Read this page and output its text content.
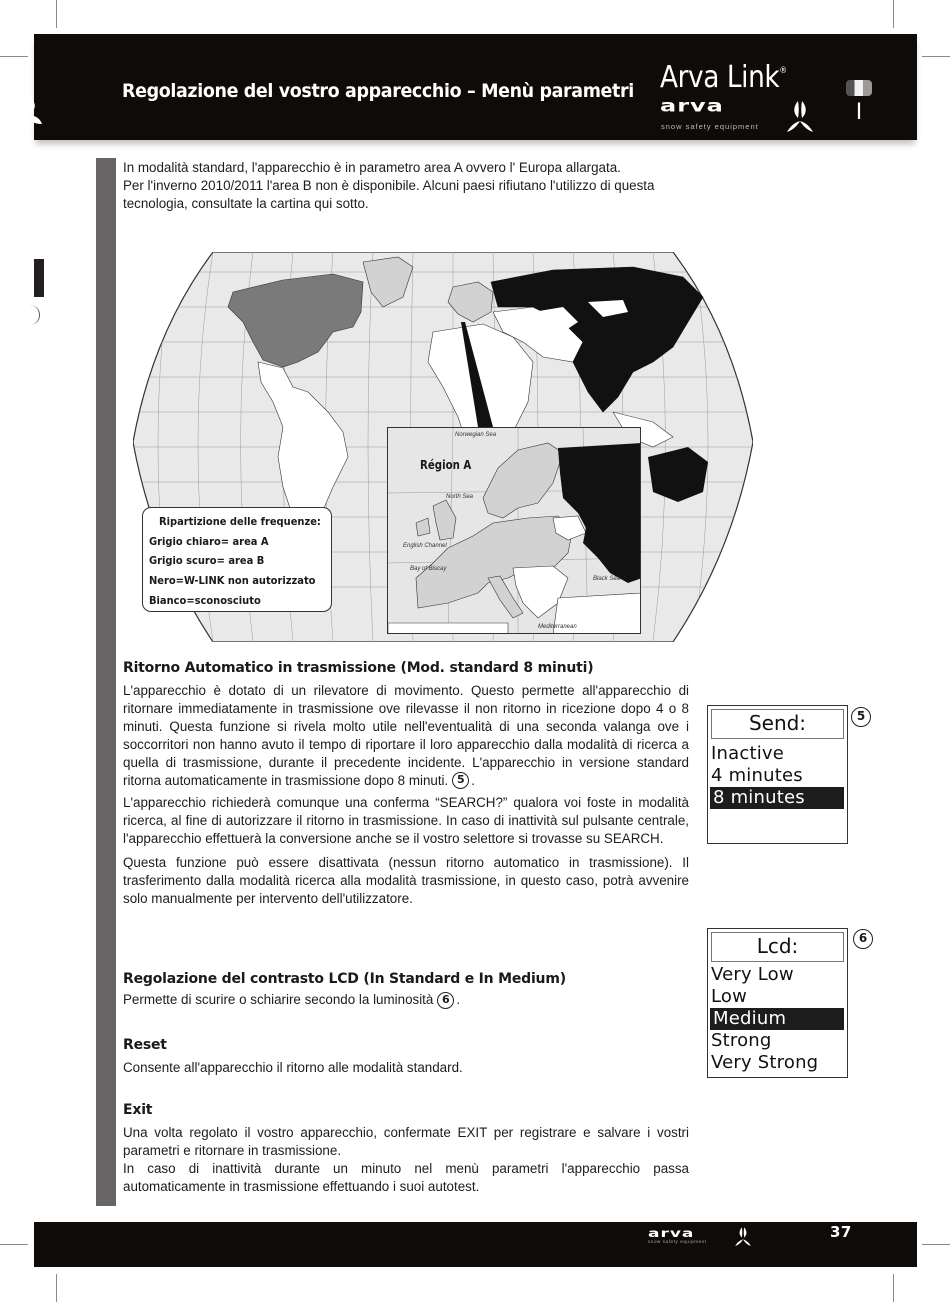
Regolazione del vostro apparecchio – Menù parametri Arva Link®
arva
snow safety equipment
I
In modalità standard, l'apparecchio è in parametro area A ovvero l' Europa allargata.
Per l'inverno 2010/2011 l'area B non è disponibile. Alcuni paesi rifiutano l'utilizzo di questa
tecnologia, consultate la cartina qui sotto.
Région A
Norwegian Sea
North Sea
English Channel
Bay of Biscay
Black Sea
Mediterranean
Ripartizione delle frequenze:
Grigio chiaro= area A
Grigio scuro= area B
Nero=W-LINK non autorizzato
Bianco=sconosciuto
Ritorno Automatico in trasmissione (Mod. standard 8 minuti)
L'apparecchio è dotato di un rilevatore di movimento. Questo permette all'apparecchio di ritornare immediatamente in trasmissione ove rilevasse il non ritorno in ricezione dopo 4 o 8 minuti. Questa funzione si rivela molto utile nell'eventualità di una seconda valanga ove i soccorritori non hanno avuto il tempo di riportare il loro apparecchio dalla modalità di ricerca a quella di trasmissione, durante il precedente incidente. L'apparecchio in versione standard ritorna automaticamente in trasmissione dopo 8 minuti. 5 .
L'apparecchio richiederà comunque una conferma “SEARCH?” qualora voi foste in modalità ricerca, al fine di autorizzare il ritorno in trasmissione. In caso di inattività sul pulsante centrale, l'apparecchio effettuerà la conversione anche se il vostro selettore si trovasse su SEARCH.
Questa funzione può essere disattivata (nessun ritorno automatico in trasmissione). Il trasferimento dalla modalità ricerca alla modalità trasmissione, in questo caso, potrà avvenire solo manualmente per intervento dell'utilizzatore.
Regolazione del contrasto LCD (In Standard e In Medium)
Permette di scurire o schiarire secondo la luminosità 6 .
Reset
Consente all'apparecchio il ritorno alle modalità standard.
Exit
Una volta regolato il vostro apparecchio, confermate EXIT per registrare e salvare i vostri parametri e ritornare in trasmissione.
In caso di inattività durante un minuto nel menù parametri l'apparecchio passa automaticamente in trasmissione effettuando i suoi autotest.
Send:
Inactive
4 minutes
8 minutes
5
Lcd:
Very Low
Low
Medium
Strong
Very Strong
6
arva
snow safety equipment
37
